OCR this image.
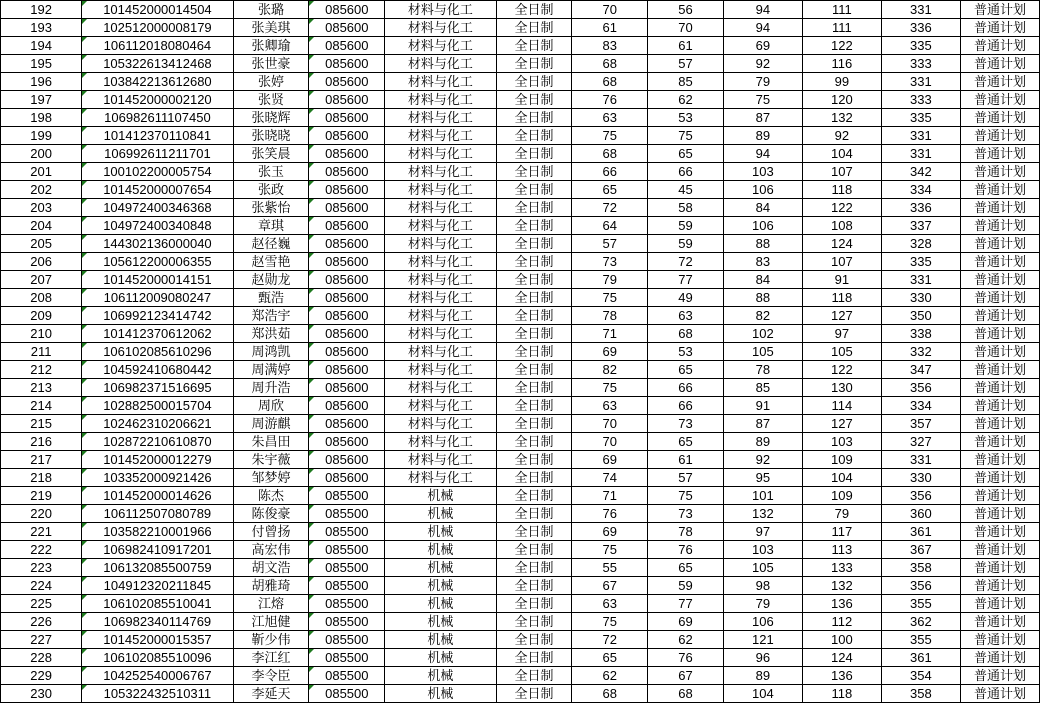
192	101452000014504	张璐	085600	材料与化工	全日制	70	56	94	111	331	普通计划
193	102512000008179	张美琪	085600	材料与化工	全日制	61	70	94	111	336	普通计划
194	106112018080464	张卿瑜	085600	材料与化工	全日制	83	61	69	122	335	普通计划
195	105322613412468	张世豪	085600	材料与化工	全日制	68	57	92	116	333	普通计划
196	103842213612680	张婷	085600	材料与化工	全日制	68	85	79	99	331	普通计划
197	101452000002120	张贤	085600	材料与化工	全日制	76	62	75	120	333	普通计划
198	106982611107450	张晓辉	085600	材料与化工	全日制	63	53	87	132	335	普通计划
199	101412370110841	张晓晓	085600	材料与化工	全日制	75	75	89	92	331	普通计划
200	106992611211701	张笑晨	085600	材料与化工	全日制	68	65	94	104	331	普通计划
201	100102200005754	张玉	085600	材料与化工	全日制	66	66	103	107	342	普通计划
202	101452000007654	张政	085600	材料与化工	全日制	65	45	106	118	334	普通计划
203	104972400346368	张紫怡	085600	材料与化工	全日制	72	58	84	122	336	普通计划
204	104972400340848	章琪	085600	材料与化工	全日制	64	59	106	108	337	普通计划
205	144302136000040	赵径巍	085600	材料与化工	全日制	57	59	88	124	328	普通计划
206	105612200006355	赵雪艳	085600	材料与化工	全日制	73	72	83	107	335	普通计划
207	101452000014151	赵勋龙	085600	材料与化工	全日制	79	77	84	91	331	普通计划
208	106112009080247	甄浩	085600	材料与化工	全日制	75	49	88	118	330	普通计划
209	106992123414742	郑浩宇	085600	材料与化工	全日制	78	63	82	127	350	普通计划
210	101412370612062	郑洪茹	085600	材料与化工	全日制	71	68	102	97	338	普通计划
211	106102085610296	周鸿凯	085600	材料与化工	全日制	69	53	105	105	332	普通计划
212	104592410680442	周满婷	085600	材料与化工	全日制	82	65	78	122	347	普通计划
213	106982371516695	周升浩	085600	材料与化工	全日制	75	66	85	130	356	普通计划
214	102882500015704	周欣	085600	材料与化工	全日制	63	66	91	114	334	普通计划
215	102462310206621	周游麒	085600	材料与化工	全日制	70	73	87	127	357	普通计划
216	102872210610870	朱昌田	085600	材料与化工	全日制	70	65	89	103	327	普通计划
217	101452000012279	朱宇薇	085600	材料与化工	全日制	69	61	92	109	331	普通计划
218	103352000921426	邹梦婷	085600	材料与化工	全日制	74	57	95	104	330	普通计划
219	101452000014626	陈杰	085500	机械	全日制	71	75	101	109	356	普通计划
220	106112507080789	陈俊豪	085500	机械	全日制	76	73	132	79	360	普通计划
221	103582210001966	付曾扬	085500	机械	全日制	69	78	97	117	361	普通计划
222	106982410917201	高宏伟	085500	机械	全日制	75	76	103	113	367	普通计划
223	106132085500759	胡文浩	085500	机械	全日制	55	65	105	133	358	普通计划
224	104912320211845	胡雅琦	085500	机械	全日制	67	59	98	132	356	普通计划
225	106102085510041	江熔	085500	机械	全日制	63	77	79	136	355	普通计划
226	106982340114769	江旭健	085500	机械	全日制	75	69	106	112	362	普通计划
227	101452000015357	靳少伟	085500	机械	全日制	72	62	121	100	355	普通计划
228	106102085510096	李江红	085500	机械	全日制	65	76	96	124	361	普通计划
229	104252540006767	李令臣	085500	机械	全日制	62	67	89	136	354	普通计划
230	105322432510311	李延天	085500	机械	全日制	68	68	104	118	358	普通计划
